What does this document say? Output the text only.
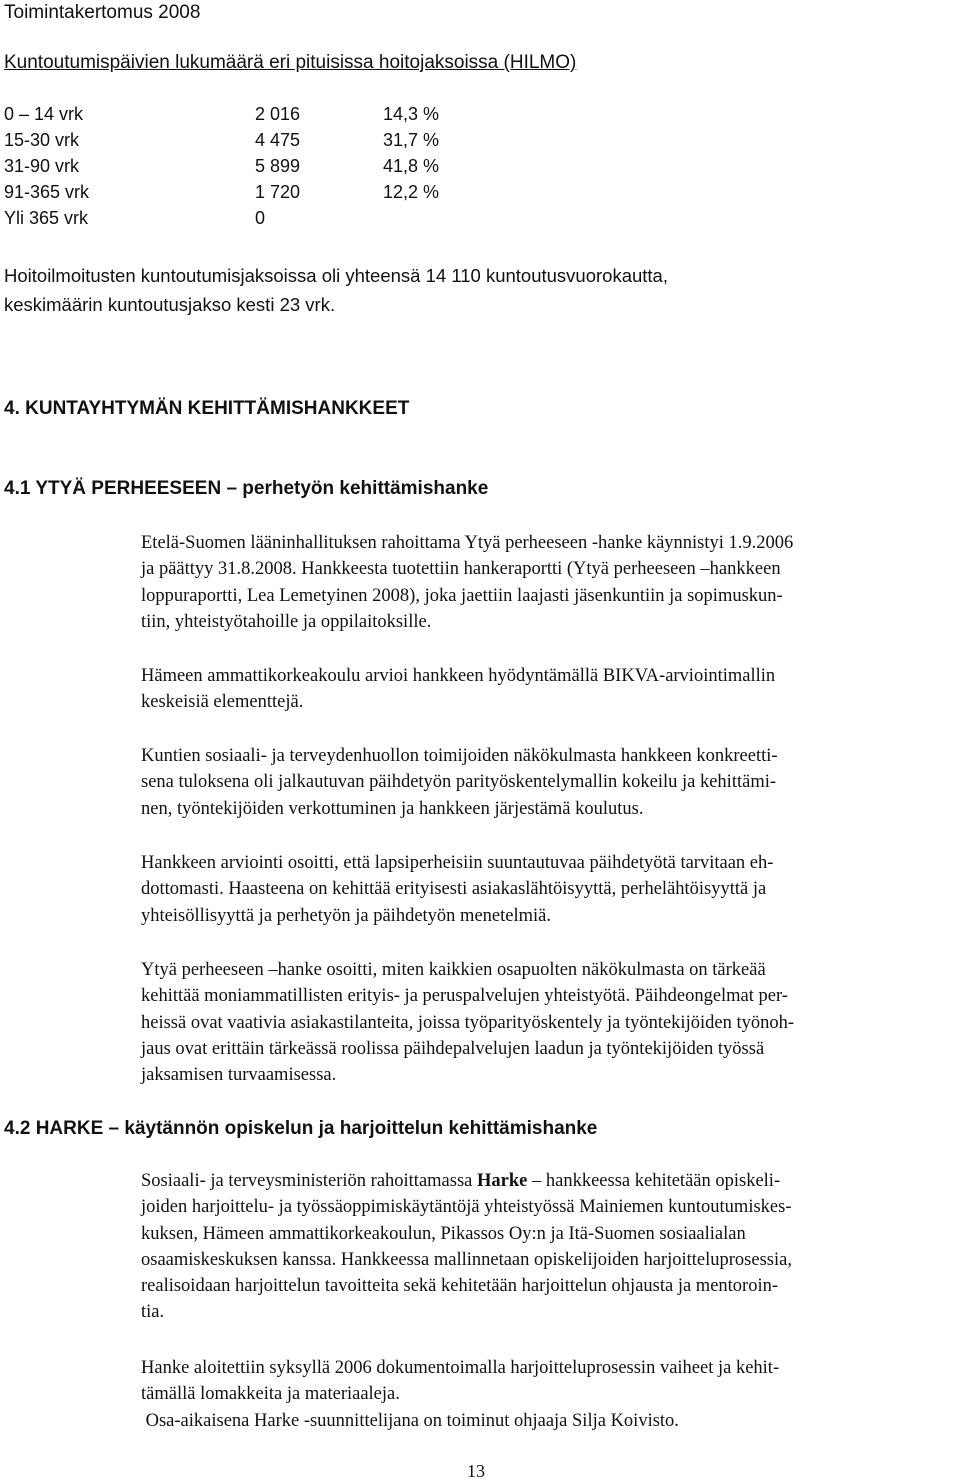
Toimintakertomus 2008
Kuntoutumispäivien lukumäärä eri pituisissa hoitojaksoissa (HILMO)
0 – 14 vrk	2 016	14,3 %
15-30 vrk	4 475	31,7 %
31-90 vrk	5 899	41,8 %
91-365 vrk	1 720	12,2 %
Yli 365 vrk	0
Hoitoilmoitusten kuntoutumisjaksoissa oli yhteensä 14 110 kuntoutusvuorokautta,
keskimäärin kuntoutusjakso kesti 23 vrk.
4. KUNTAYHTYMÄN KEHITTÄMISHANKKEET
4.1 YTYÄ PERHEESEEN – perhetyön kehittämishanke
Etelä-Suomen lääninhallituksen rahoittama Ytyä perheeseen -hanke käynnistyi 1.9.2006
ja päättyy 31.8.2008. Hankkeesta tuotettiin hankeraportti (Ytyä perheeseen –hankkeen
loppuraportti, Lea Lemetyinen 2008), joka jaettiin laajasti jäsenkuntiin ja sopimuskun-
tiin, yhteistyötahoille ja oppilaitoksille.
Hämeen ammattikorkeakoulu arvioi hankkeen hyödyntämällä BIKVA-arviointimallin
keskeisiä elementtejä.
Kuntien sosiaali- ja terveydenhuollon toimijoiden näkökulmasta hankkeen konkreetti-
sena tuloksena oli jalkautuvan päihdetyön parityöskentelymallin kokeilu ja kehittämi-
nen, työntekijöiden verkottuminen ja hankkeen järjestämä koulutus.
Hankkeen arviointi osoitti, että lapsiperheisiin suuntautuvaa päihdetyötä tarvitaan eh-
dottomasti. Haasteena on kehittää erityisesti asiakaslähtöisyyttä, perhelähtöisyyttä ja
yhteisöllisyyttä ja perhetyön ja päihdetyön menetelmiä.
Ytyä perheeseen –hanke osoitti, miten kaikkien osapuolten näkökulmasta on tärkeää
kehittää moniammatillisten erityis- ja peruspalvelujen yhteistyötä. Päihdeongelmat per-
heissä ovat vaativia asiakastilanteita, joissa työparityöskentely ja työntekijöiden työnoh-
jaus ovat erittäin tärkeässä roolissa päihdepalvelujen laadun ja työntekijöiden työssä
jaksamisen turvaamisessa.
4.2 HARKE – käytännön opiskelun ja harjoittelun kehittämishanke
Sosiaali- ja terveysministeriön rahoittamassa Harke – hankkeessa kehitetään opiskeli-
joiden harjoittelu- ja työssäoppimiskäytäntöjä yhteistyössä Mainiemen kuntoutumiskes-
kuksen, Hämeen ammattikorkeakoulun, Pikassos Oy:n ja Itä-Suomen sosiaalialan
osaamiskeskuksen kanssa. Hankkeessa mallinnetaan opiskelijoiden harjoitteluprosessia,
realisoidaan harjoittelun tavoitteita sekä kehitetään harjoittelun ohjausta ja mentoroin-
tia.
Hanke aloitettiin syksyllä 2006 dokumentoimalla harjoitteluprosessin vaiheet ja kehit-
tämällä lomakkeita ja materiaaleja.
Osa-aikaisena Harke -suunnittelijana on toiminut ohjaaja Silja Koivisto.
13
